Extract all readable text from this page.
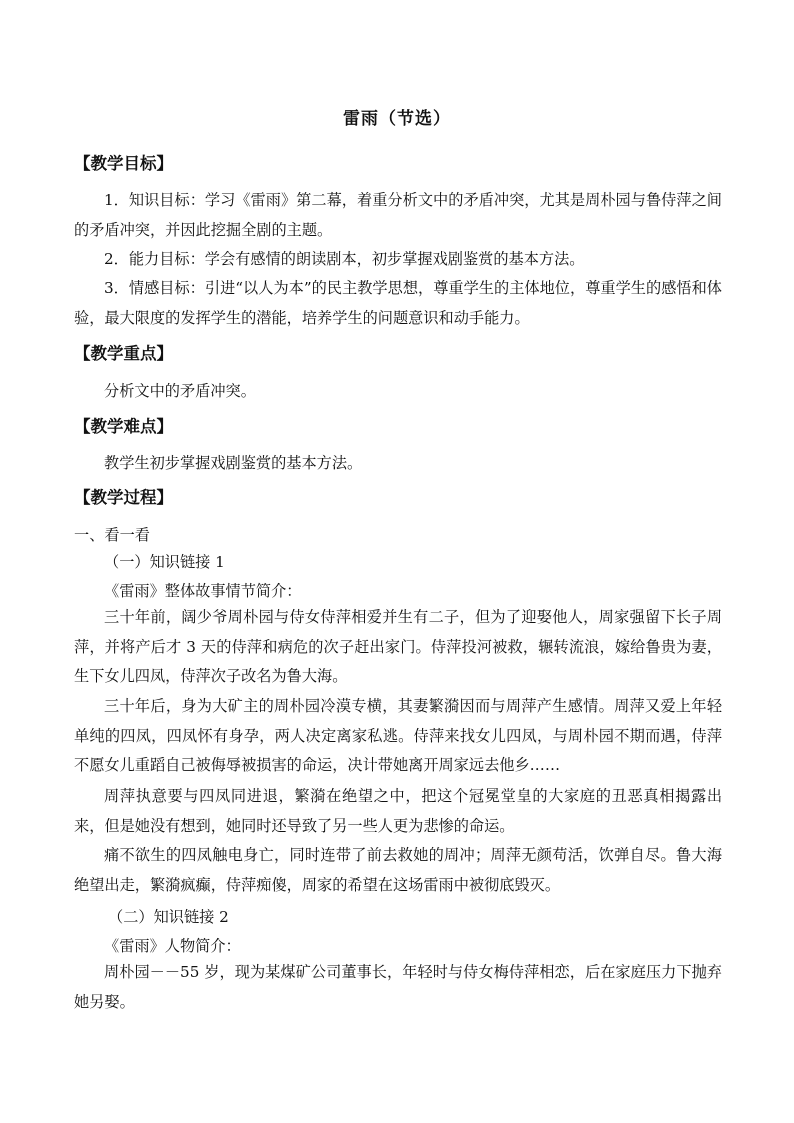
雷雨（节选）
【教学目标】
1．知识目标：学习《雷雨》第二幕，着重分析文中的矛盾冲突，尤其是周朴园与鲁侍萍之间的矛盾冲突，并因此挖掘全剧的主题。
2．能力目标：学会有感情的朗读剧本，初步掌握戏剧鉴赏的基本方法。
3．情感目标：引进“以人为本”的民主教学思想，尊重学生的主体地位，尊重学生的感悟和体验，最大限度的发挥学生的潜能，培养学生的问题意识和动手能力。
【教学重点】
分析文中的矛盾冲突。
【教学难点】
教学生初步掌握戏剧鉴赏的基本方法。
【教学过程】
一、看一看
（一）知识链接 1
《雷雨》整体故事情节简介：
三十年前，阔少爷周朴园与侍女侍萍相爱并生有二子，但为了迎娶他人，周家强留下长子周萍，并将产后才 3 天的侍萍和病危的次子赶出家门。侍萍投河被救，辗转流浪，嫁给鲁贵为妻，生下女儿四凤，侍萍次子改名为鲁大海。
三十年后，身为大矿主的周朴园冷漠专横，其妻繁漪因而与周萍产生感情。周萍又爱上年轻单纯的四凤，四凤怀有身孕，两人决定离家私逃。侍萍来找女儿四凤，与周朴园不期而遇，侍萍不愿女儿重蹈自己被侮辱被损害的命运，决计带她离开周家远去他乡……
周萍执意要与四凤同进退，繁漪在绝望之中，把这个冠冕堂皇的大家庭的丑恶真相揭露出来，但是她没有想到，她同时还导致了另一些人更为悲惨的命运。
痛不欲生的四凤触电身亡，同时连带了前去救她的周冲；周萍无颜苟活，饮弹自尽。鲁大海绝望出走，繁漪疯癫，侍萍痴傻，周家的希望在这场雷雨中被彻底毁灭。
（二）知识链接 2
《雷雨》人物简介：
周朴园－－55 岁，现为某煤矿公司董事长，年轻时与侍女梅侍萍相恋，后在家庭压力下抛弃她另娶。
